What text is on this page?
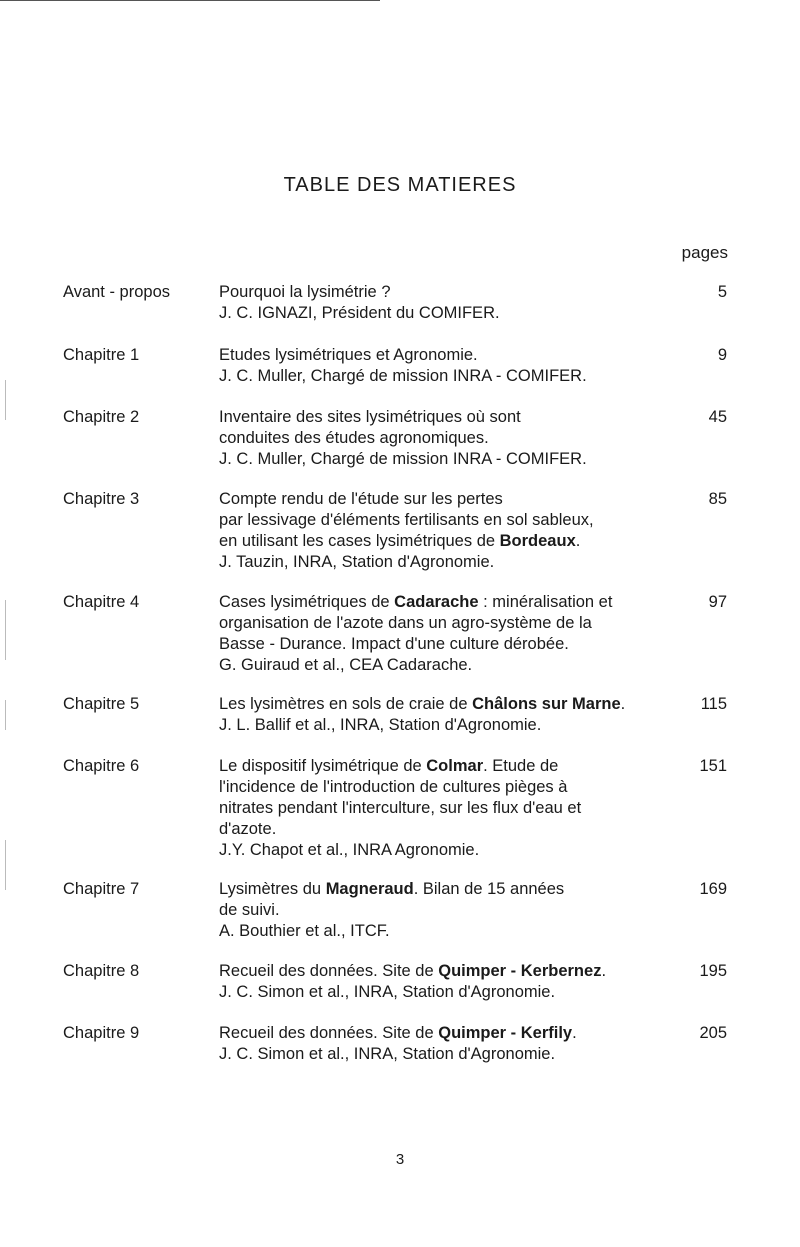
TABLE DES MATIERES
pages
Avant - propos	Pourquoi la lysimétrie ?
J. C. IGNAZI, Président du COMIFER.
5
Chapitre 1	Etudes lysimétriques et Agronomie.
J. C. Muller, Chargé de mission INRA - COMIFER.
9
Chapitre 2	Inventaire des sites lysimétriques où sont
conduites des études agronomiques.
J. C. Muller, Chargé de mission INRA - COMIFER.
45
Chapitre 3	Compte rendu de l'étude sur les pertes
par lessivage d'éléments fertilisants en sol sableux,
en utilisant les cases lysimétriques de Bordeaux.
J. Tauzin, INRA, Station d'Agronomie.
85
Chapitre 4	Cases lysimétriques de Cadarache : minéralisation et
organisation de l'azote dans un agro-système de la
Basse - Durance. Impact d'une culture dérobée.
G. Guiraud et al., CEA Cadarache.
97
Chapitre 5	Les lysimètres en sols de craie de Châlons sur Marne.
J. L. Ballif et al., INRA, Station d'Agronomie.
115
Chapitre 6	Le dispositif lysimétrique de Colmar. Etude de
l'incidence de l'introduction de cultures pièges à
nitrates pendant l'interculture, sur les flux d'eau et
d'azote.
J.Y. Chapot et al., INRA Agronomie.
151
Chapitre 7	Lysimètres du Magneraud. Bilan de 15 années
de suivi.
A. Bouthier et al., ITCF.
169
Chapitre 8	Recueil des données. Site de Quimper - Kerbernez.
J. C. Simon et al., INRA, Station d'Agronomie.
195
Chapitre 9	Recueil des données. Site de Quimper - Kerfily.
J. C. Simon et al., INRA, Station d'Agronomie.
205
3
